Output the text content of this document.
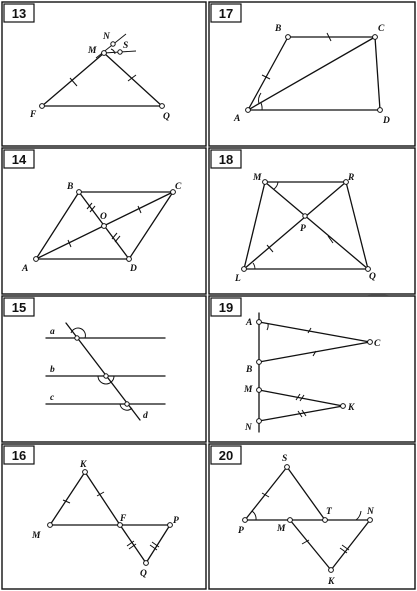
13
M
N
S
F	Q
17
A
B	C
D
14
B	C
D
A
O
18
M	R
P
L	Q
15
a
b
c
d
19
A
B
C
M
N
K
16
K
M
F	P
Q
20	S
P	M
T	N
K
